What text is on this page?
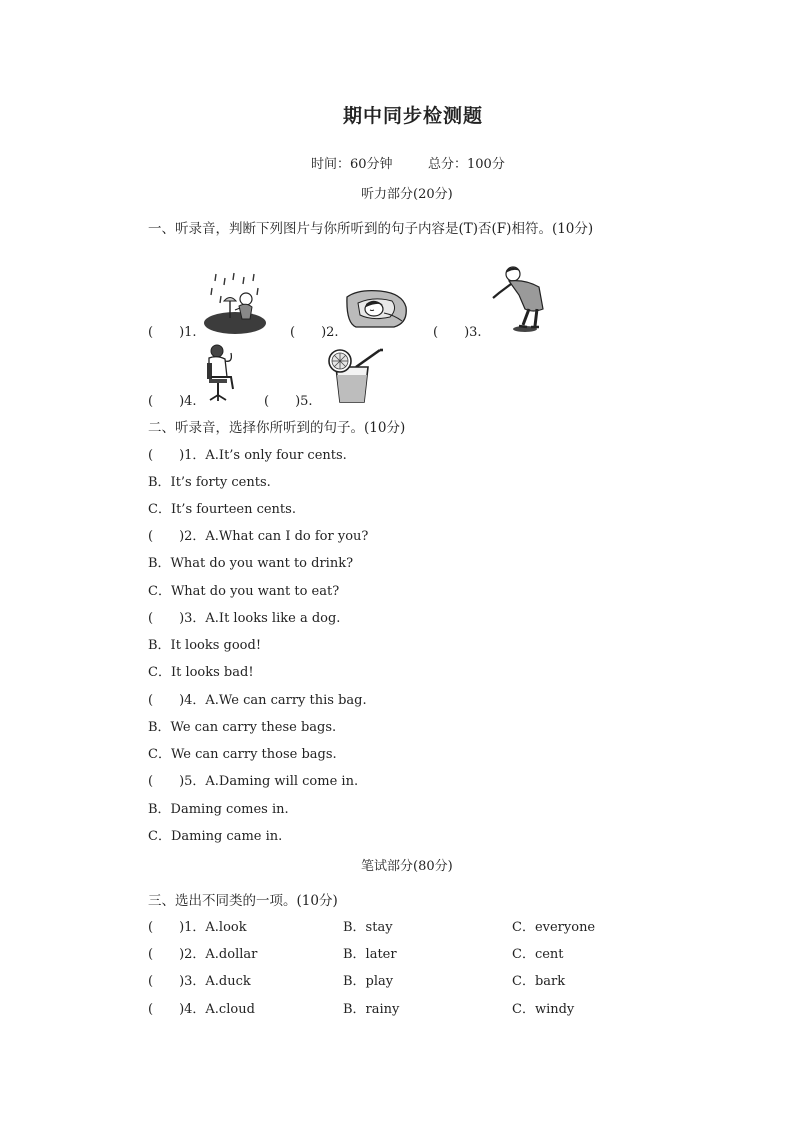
期中同步检测题
时间：60分钟	总分：100分
听力部分(20分)
一、听录音，判断下列图片与你所听到的句子内容是(T)否(F)相符。(10分)
(　　)1.	(　　)2.	(　　)3.
(　　)4.	(　　)5.
二、听录音，选择你所听到的句子。(10分)
(　　)1．A.It’s only four cents.
B．It’s forty cents.
C．It’s fourteen cents.
(　　)2．A.What can I do for you?
B．What do you want to drink?
C．What do you want to eat?
(　　)3．A.It looks like a dog.
B．It looks good!
C．It looks bad!
(　　)4．A.We can carry this bag.
B．We can carry these bags.
C．We can carry those bags.
(　　)5．A.Daming will come in.
B．Daming comes in.
C．Daming came in.
笔试部分(80分)
三、选出不同类的一项。(10分)
(　　)1．A.look	B．stay	C．everyone
(　　)2．A.dollar	B．later	C．cent
(　　)3．A.duck	B．play	C．bark
(　　)4．A.cloud	B．rainy	C．windy
